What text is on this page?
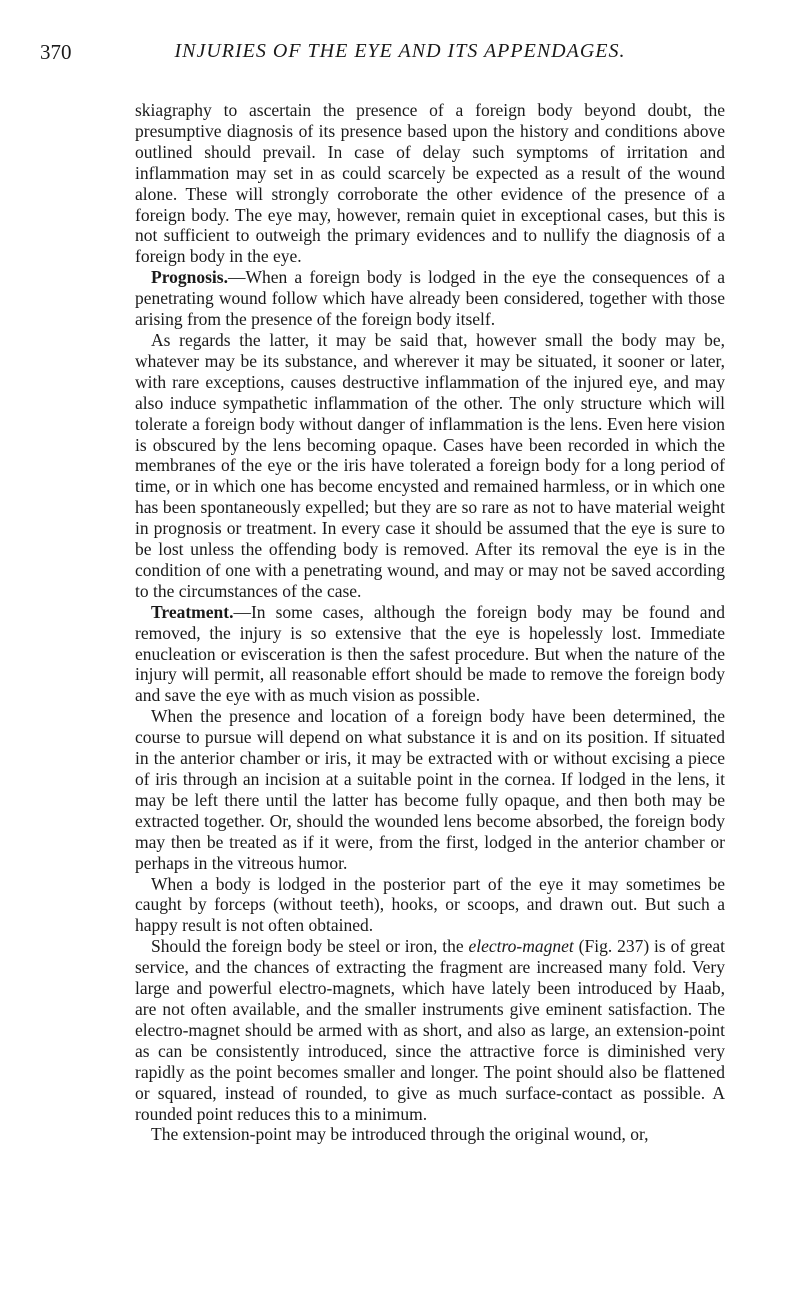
370	INJURIES OF THE EYE AND ITS APPENDAGES.

skiagraphy to ascertain the presence of a foreign body beyond doubt, the presumptive diagnosis of its presence based upon the history and conditions above outlined should prevail. In case of delay such symptoms of irritation and inflammation may set in as could scarcely be expected as a result of the wound alone. These will strongly corroborate the other evidence of the presence of a foreign body. The eye may, however, remain quiet in exceptional cases, but this is not sufficient to outweigh the primary evidences and to nullify the diagnosis of a foreign body in the eye.

Prognosis.—When a foreign body is lodged in the eye the consequences of a penetrating wound follow which have already been considered, together with those arising from the presence of the foreign body itself.

As regards the latter, it may be said that, however small the body may be, whatever may be its substance, and wherever it may be situated, it sooner or later, with rare exceptions, causes destructive inflammation of the injured eye, and may also induce sympathetic inflammation of the other. The only structure which will tolerate a foreign body without danger of inflammation is the lens. Even here vision is obscured by the lens becoming opaque. Cases have been recorded in which the membranes of the eye or the iris have tolerated a foreign body for a long period of time, or in which one has become encysted and remained harmless, or in which one has been spontaneously expelled; but they are so rare as not to have material weight in prognosis or treatment. In every case it should be assumed that the eye is sure to be lost unless the offending body is removed. After its removal the eye is in the condition of one with a penetrating wound, and may or may not be saved according to the circumstances of the case.

Treatment.—In some cases, although the foreign body may be found and removed, the injury is so extensive that the eye is hopelessly lost. Immediate enucleation or evisceration is then the safest procedure. But when the nature of the injury will permit, all reasonable effort should be made to remove the foreign body and save the eye with as much vision as possible.

When the presence and location of a foreign body have been determined, the course to pursue will depend on what substance it is and on its position. If situated in the anterior chamber or iris, it may be extracted with or without excising a piece of iris through an incision at a suitable point in the cornea. If lodged in the lens, it may be left there until the latter has become fully opaque, and then both may be extracted together. Or, should the wounded lens become absorbed, the foreign body may then be treated as if it were, from the first, lodged in the anterior chamber or perhaps in the vitreous humor.

When a body is lodged in the posterior part of the eye it may sometimes be caught by forceps (without teeth), hooks, or scoops, and drawn out. But such a happy result is not often obtained.

Should the foreign body be steel or iron, the electro-magnet (Fig. 237) is of great service, and the chances of extracting the fragment are increased many fold. Very large and powerful electro-magnets, which have lately been introduced by Haab, are not often available, and the smaller instruments give eminent satisfaction. The electro-magnet should be armed with as short, and also as large, an extension-point as can be consistently introduced, since the attractive force is diminished very rapidly as the point becomes smaller and longer. The point should also be flattened or squared, instead of rounded, to give as much surface-contact as possible. A rounded point reduces this to a minimum.

The extension-point may be introduced through the original wound, or,
